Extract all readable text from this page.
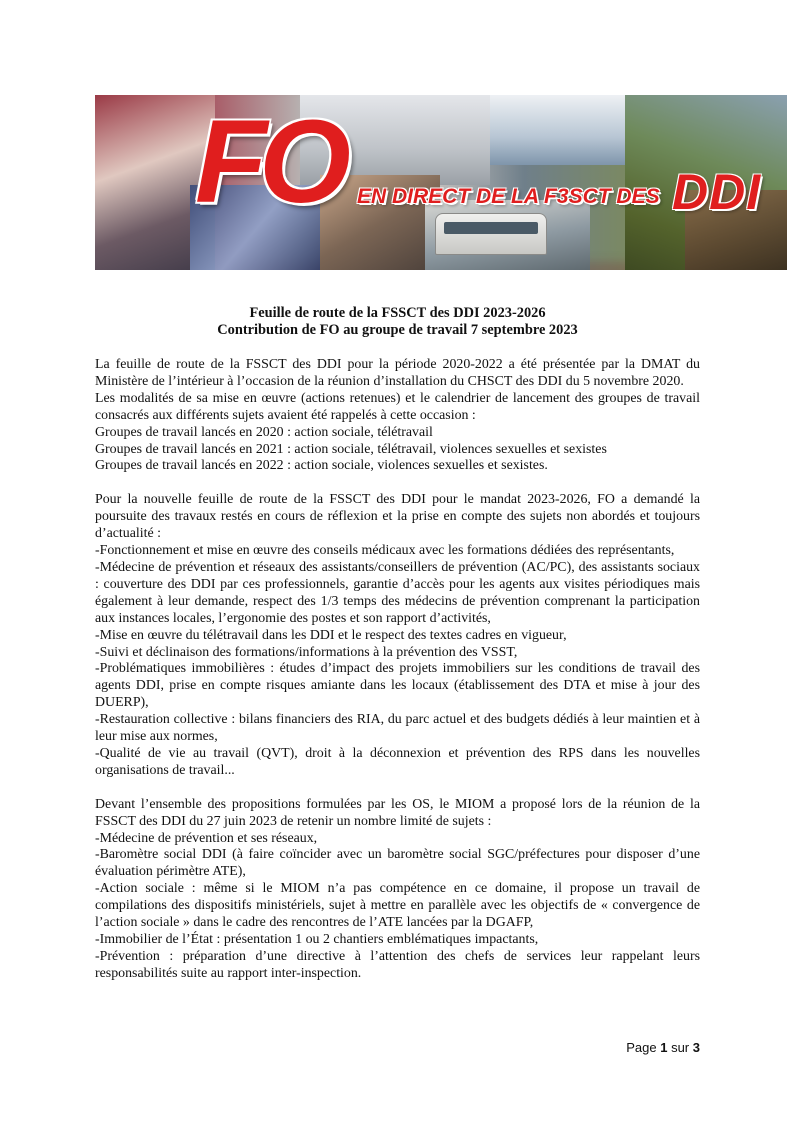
FO EN DIRECT DE LA F3SCT DES DDI
Feuille de route de la FSSCT des DDI 2023-2026
Contribution de FO au groupe de travail 7 septembre 2023

La feuille de route de la FSSCT des DDI pour la période 2020-2022 a été présentée par la DMAT du Ministère de l’intérieur à l’occasion de la réunion d’installation du CHSCT des DDI du 5 novembre 2020.

Les modalités de sa mise en œuvre (actions retenues) et le calendrier de lancement des groupes de travail consacrés aux différents sujets avaient été rappelés à cette occasion :

Groupes de travail lancés en 2020 : action sociale, télétravail

Groupes de travail lancés en 2021 : action sociale, télétravail, violences sexuelles et sexistes

Groupes de travail lancés en 2022 : action sociale, violences sexuelles et sexistes.

Pour la nouvelle feuille de route de la FSSCT des DDI pour le mandat 2023-2026, FO a demandé la poursuite des travaux restés en cours de réflexion et la prise en compte des sujets non abordés et toujours d’actualité :

-Fonctionnement et mise en œuvre des conseils médicaux avec les formations dédiées des représentants,

-Médecine de prévention et réseaux des assistants/conseillers de prévention (AC/PC), des assistants sociaux : couverture des DDI par ces professionnels, garantie d’accès pour les agents aux visites périodiques mais également à leur demande, respect des 1/3 temps des médecins de prévention comprenant la participation aux instances locales, l’ergonomie des postes et son rapport d’activités,

-Mise en œuvre du télétravail dans les DDI et le respect des textes cadres en vigueur,

-Suivi et déclinaison des formations/informations à la prévention des VSST,

-Problématiques immobilières : études d’impact des projets immobiliers sur les conditions de travail des agents DDI, prise en compte risques amiante dans les locaux (établissement des DTA et mise à jour des DUERP),

-Restauration collective : bilans financiers des RIA, du parc actuel et des budgets dédiés à leur maintien et à leur mise aux normes,

-Qualité de vie au travail (QVT), droit à la déconnexion et prévention des RPS dans les nouvelles organisations de travail...

Devant l’ensemble des propositions formulées par les OS, le MIOM a proposé lors de la réunion de la FSSCT des DDI du 27 juin 2023 de retenir un nombre limité de sujets :

-Médecine de prévention et ses réseaux,

-Baromètre social DDI (à faire coïncider avec un baromètre social SGC/préfectures pour disposer d’une évaluation périmètre ATE),

-Action sociale : même si le MIOM n’a pas compétence en ce domaine, il propose un travail de compilations des dispositifs ministériels, sujet à mettre en parallèle avec les objectifs de « convergence de l’action sociale » dans le cadre des rencontres de l’ATE lancées par la DGAFP,

-Immobilier de l’État : présentation 1 ou 2 chantiers emblématiques impactants,

-Prévention : préparation d’une directive à l’attention des chefs de services leur rappelant leurs responsabilités suite au rapport inter-inspection.

Page 1 sur 3
